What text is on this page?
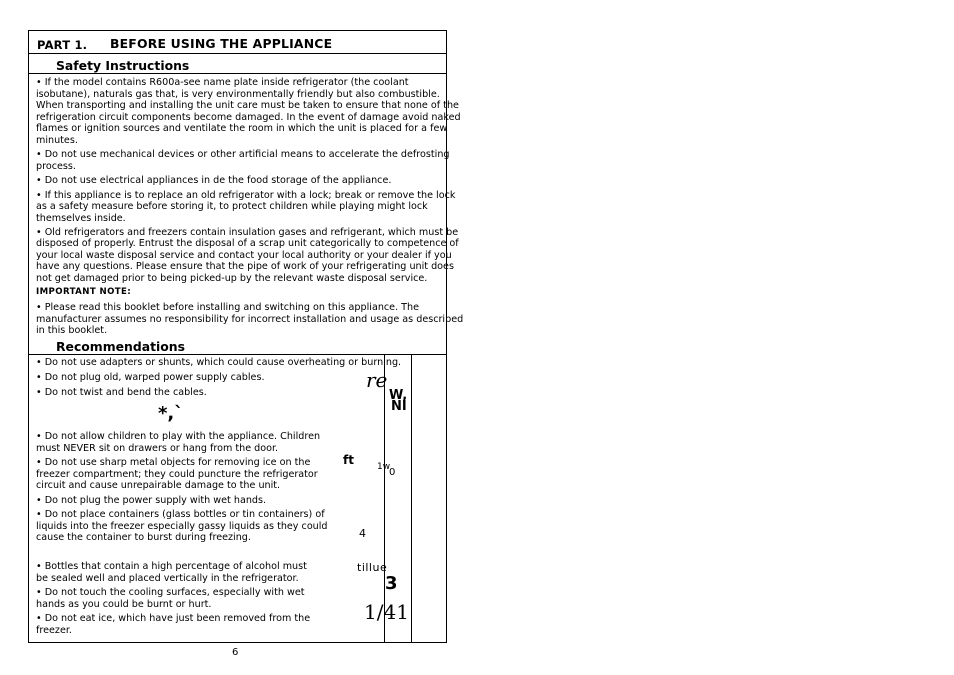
PART 1. BEFORE USING THE APPLIANCE
Safety Instructions
• If the model contains R600a-see name plate inside refrigerator (the coolant
isobutane), naturals gas that, is very environmentally friendly but also combustible.
When transporting and installing the unit care must be taken to ensure that none of the
refrigeration circuit components become damaged. In the event of damage avoid naked
flames or ignition sources and ventilate the room in which the unit is placed for a few
minutes.
• Do not use mechanical devices or other artificial means to accelerate the defrosting
process.
• Do not use electrical appliances in de the food storage of the appliance.
• If this appliance is to replace an old refrigerator with a lock; break or remove the lock
as a safety measure before storing it, to protect children while playing might lock
themselves inside.
• Old refrigerators and freezers contain insulation gases and refrigerant, which must be
disposed of properly. Entrust the disposal of a scrap unit categorically to competence of
your local waste disposal service and contact your local authority or your dealer if you
have any questions. Please ensure that the pipe of work of your refrigerating unit does
not get damaged prior to being picked-up by the relevant waste disposal service.
IMPORTANT NOTE:
• Please read this booklet before installing and switching on this appliance. The
manufacturer assumes no responsibility for incorrect installation and usage as described
in this booklet.
Recommendations
• Do not use adapters or shunts, which could cause overheating or burning.
• Do not plug old, warped power supply cables.
• Do not twist and bend the cables.
• Do not allow children to play with the appliance. Children
must NEVER sit on drawers or hang from the door.
• Do not use sharp metal objects for removing ice on the
freezer compartment; they could puncture the refrigerator
circuit and cause unrepairable damage to the unit.
• Do not plug the power supply with wet hands.
• Do not place containers (glass bottles or tin containers) of
liquids into the freezer especially gassy liquids as they could
cause the container to burst during freezing.
• Bottles that contain a high percentage of alcohol must
be sealed well and placed vertically in the refrigerator.
• Do not touch the cooling surfaces, especially with wet
hands as you could be burnt or hurt.
• Do not eat ice, which have just been removed from the
freezer.
*,`
re
W,
NI
ft	1w
0
4
tillue
3
1/41
6
